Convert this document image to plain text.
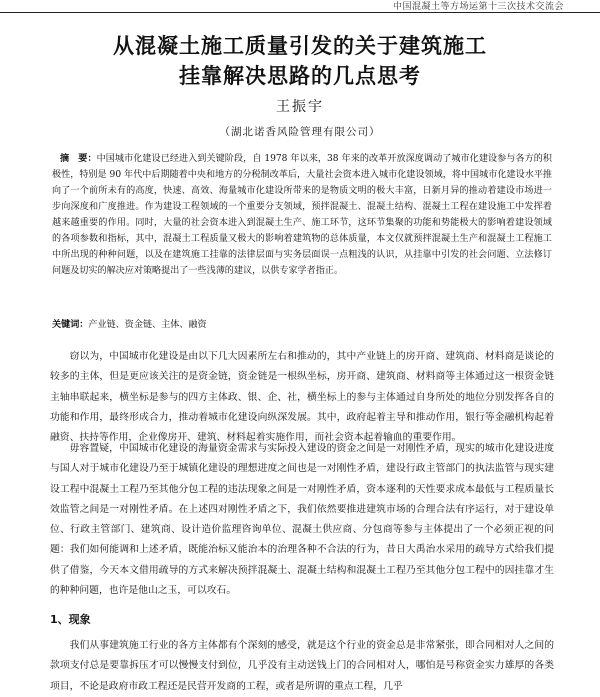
中国混凝土等方场运第十三次技术交流会
从混凝土施工质量引发的关于建筑施工
挂靠解决思路的几点思考
王振宇
（湖北诺香风险管理有限公司）

摘　要：中国城市化建设已经进入到关键阶段，自 1978 年以来，38 年来的改革开放深度调动了城市化建设参与各方的积极性，特别是 90 年代中后期随着中央和地方的分税制改革后，大量社会资本进入城市化建设领域，将中国城市化建设水平推向了一个前所未有的高度，快速、高效、海量城市化建设所带来的是物质文明的极大丰富，日新月异的推动着建设市场进一步向深度和广度推进。作为建设工程领域的一个重要分支领域，预拌混凝土、混凝土结构、混凝土工程在建设施工中发挥着越来越重要的作用。同时，大量的社会资本进入到混凝土生产、施工环节，这环节集聚的功能和势能极大的影响着建设领域的各项参数和指标，其中，混凝土工程质量又极大的影响着建筑物的总体质量，本文仅就预拌混凝土生产和混凝土工程施工中所出现的种种问题，以及在建筑施工挂靠的法律层面与实务层面误一点粗浅的认识，从挂靠中引发的社会问题、立法修订问题及切实的解决应对策略提出了一些浅薄的建议，以供专家学者指正。

关键词：产业链、资金链、主体、融资

窃以为，中国城市化建设是由以下几大因素所左右和推动的，其中产业链上的房开商、建筑商、材料商是谈论的较多的主体，但是更应该关注的是资金链，资金链是一根纵坐标，房开商、建筑商、材料商等主体通过这一根资金链主轴串联起来，横坐标是参与的四方主体政、银、企、社，横坐标上的参与主体通过自身所处的地位分别发挥各自的功能和作用，最终形成合力，推动着城市化建设向纵深发展。其中，政府起着主导和推动作用，银行等金融机构起着融资、扶持等作用，企业像房开、建筑、材料起着实施作用，而社会资本起着输血的重要作用。

毋容置疑，中国城市化建设的海量资金需求与实际投入建设的资金之间是一对刚性矛盾，现实的城市化建设进度与国人对于城市化建设乃至于城镇化建设的理想进度之间也是一对刚性矛盾，建设行政主管部门的执法监管与现实建设工程中混凝土工程乃至其他分包工程的违法现象之间是一对刚性矛盾，资本逐利的天性要求成本最低与工程质量长效监管之间是一对刚性矛盾。在上述四对刚性矛盾之下，我们依然要推进建筑市场的合理合法有序运行，对于建设单位、行政主管部门、建筑商、设计造价监理咨询单位、混凝土供应商、分包商等参与主体提出了一个必须正视的问题：我们如何能调和上述矛盾，既能治标又能治本的治理各种不合法的行为，昔日大禹治水采用的疏导方式给我们提供了借鉴，今天本文借用疏导的方式来解决预拌混凝土、混凝土结构和混凝土工程乃至其他分包工程中的因挂靠才生的种种问题，也许是他山之玉，可以攻石。

1、现象

我们从事建筑施工行业的各方主体都有个深刻的感受，就是这个行业的资金总是非常紧张，即合同相对人之间的款项支付总是要靠拆压才可以慢慢支付到位，几乎没有主动送钱上门的合同相对人，哪怕是号称资金实力雄厚的各类项目，不论是政府市政工程还是民营开发商的工程，或者是所谓的重点工程，几乎
